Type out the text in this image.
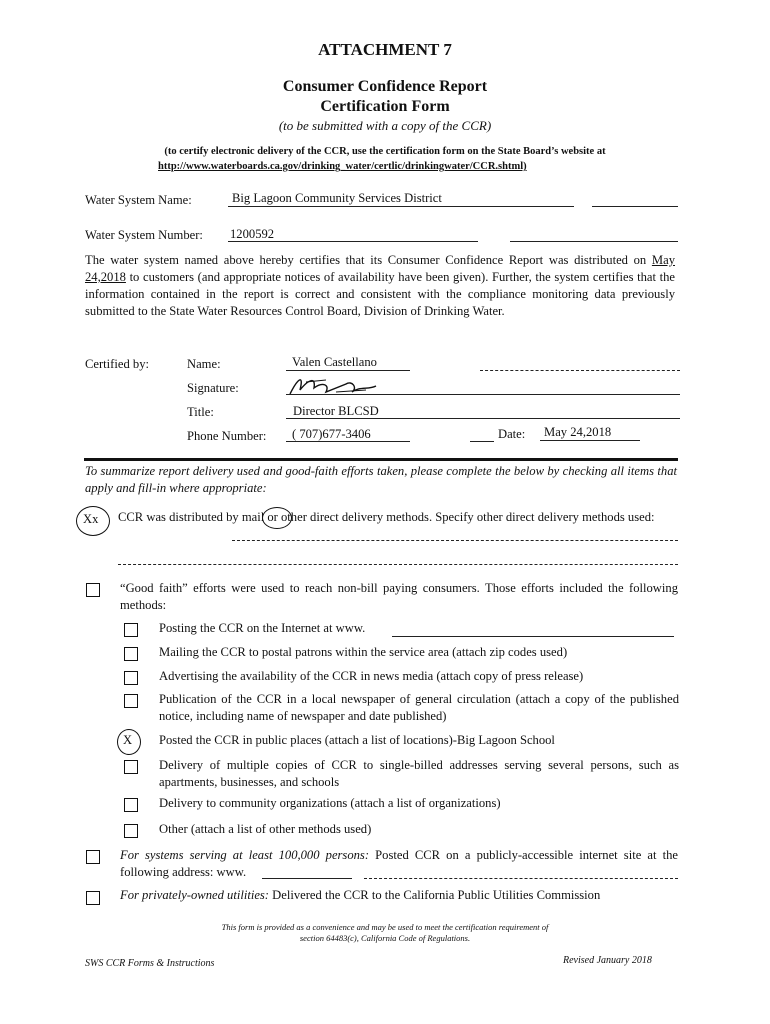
ATTACHMENT 7
Consumer Confidence Report
Certification Form
(to be submitted with a copy of the CCR)
(to certify electronic delivery of the CCR, use the certification form on the State Board’s website at
http://www.waterboards.ca.gov/drinking_water/certlic/drinkingwater/CCR.shtml)
Water System Name:	Big Lagoon Community Services District
Water System Number: 1200592
The water system named above hereby certifies that its Consumer Confidence Report was distributed on May 24,2018 to customers (and appropriate notices of availability have been given). Further, the system certifies that the information contained in the report is correct and consistent with the compliance monitoring data previously submitted to the State Water Resources Control Board, Division of Drinking Water.
Certified by:	Name:	Valen Castellano
Signature:
Title:	Director BLCSD
Phone Number: ( 707)677-3406	Date: May 24,2018
To summarize report delivery used and good-faith efforts taken, please complete the below by checking all items that apply and fill-in where appropriate:
Xx CCR was distributed by mail or other direct delivery methods. Specify other direct delivery methods used:
“Good faith” efforts were used to reach non-bill paying consumers. Those efforts included the following methods:
Posting the CCR on the Internet at www.
Mailing the CCR to postal patrons within the service area (attach zip codes used)
Advertising the availability of the CCR in news media (attach copy of press release)
Publication of the CCR in a local newspaper of general circulation (attach a copy of the published notice, including name of newspaper and date published)
X Posted the CCR in public places (attach a list of locations)-Big Lagoon School
Delivery of multiple copies of CCR to single-billed addresses serving several persons, such as apartments, businesses, and schools
Delivery to community organizations (attach a list of organizations)
Other (attach a list of other methods used)
For systems serving at least 100,000 persons: Posted CCR on a publicly-accessible internet site at the following address: www.
For privately-owned utilities: Delivered the CCR to the California Public Utilities Commission
This form is provided as a convenience and may be used to meet the certification requirement of
section 64483(c), California Code of Regulations.
SWS CCR Forms & Instructions	Revised January 2018
